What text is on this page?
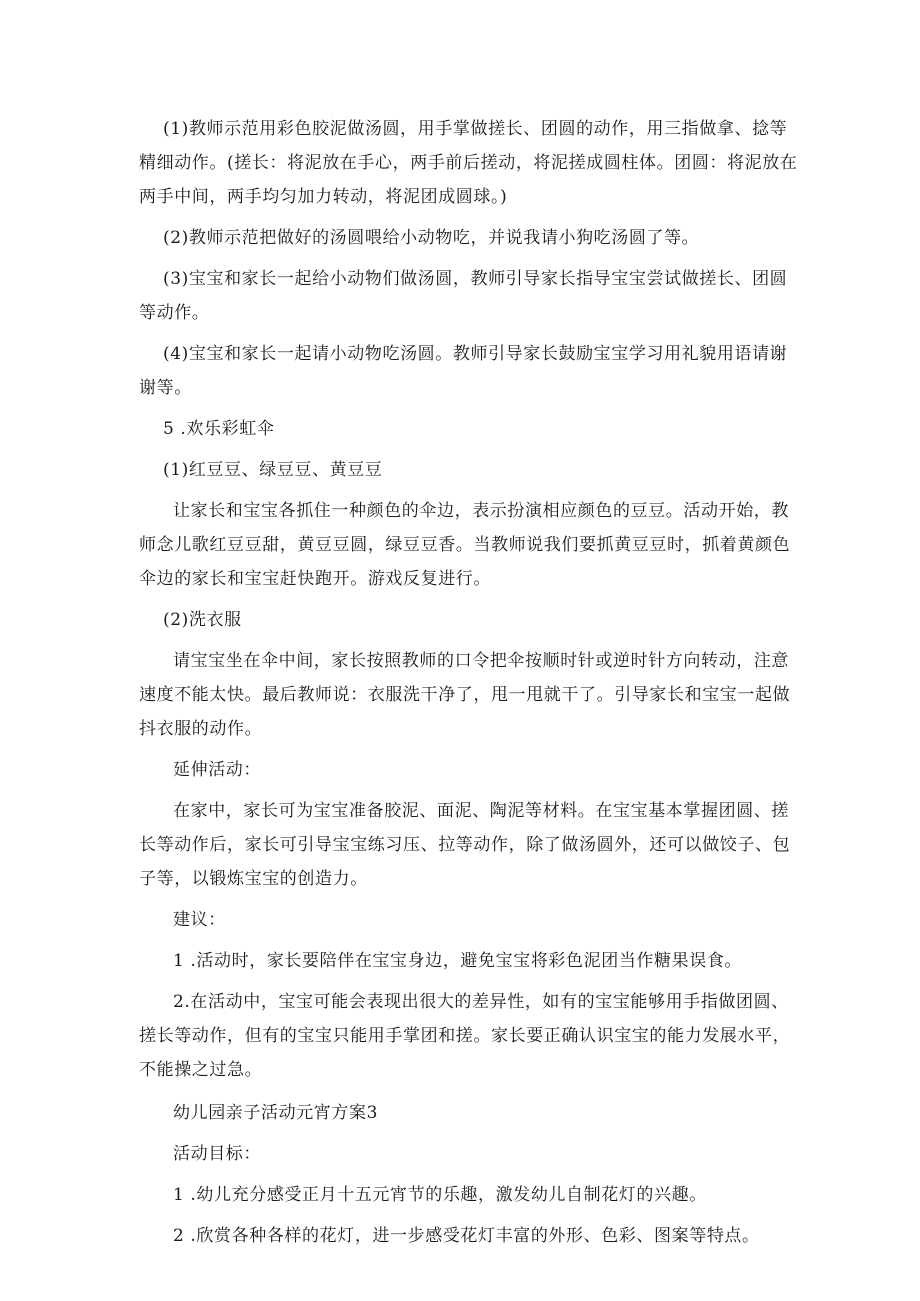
(1)教师示范用彩色胶泥做汤圆，用手掌做搓长、团圆的动作，用三指做拿、捻等精细动作。(搓长：将泥放在手心，两手前后搓动，将泥搓成圆柱体。团圆：将泥放在两手中间，两手均匀加力转动，将泥团成圆球。)

(2)教师示范把做好的汤圆喂给小动物吃，并说我请小狗吃汤圆了等。

(3)宝宝和家长一起给小动物们做汤圆，教师引导家长指导宝宝尝试做搓长、团圆等动作。

(4)宝宝和家长一起请小动物吃汤圆。教师引导家长鼓励宝宝学习用礼貌用语请谢谢等。

5 .欢乐彩虹伞

(1)红豆豆、绿豆豆、黄豆豆

让家长和宝宝各抓住一种颜色的伞边，表示扮演相应颜色的豆豆。活动开始，教师念儿歌红豆豆甜，黄豆豆圆，绿豆豆香。当教师说我们要抓黄豆豆时，抓着黄颜色伞边的家长和宝宝赶快跑开。游戏反复进行。

(2)洗衣服

请宝宝坐在伞中间，家长按照教师的口令把伞按顺时针或逆时针方向转动，注意速度不能太快。最后教师说：衣服洗干净了，甩一甩就干了。引导家长和宝宝一起做抖衣服的动作。

延伸活动：

在家中，家长可为宝宝准备胶泥、面泥、陶泥等材料。在宝宝基本掌握团圆、搓长等动作后，家长可引导宝宝练习压、拉等动作，除了做汤圆外，还可以做饺子、包子等，以锻炼宝宝的创造力。

建议：

1 .活动时，家长要陪伴在宝宝身边，避免宝宝将彩色泥团当作糖果误食。

2.在活动中，宝宝可能会表现出很大的差异性，如有的宝宝能够用手指做团圆、搓长等动作，但有的宝宝只能用手掌团和搓。家长要正确认识宝宝的能力发展水平，不能操之过急。

幼儿园亲子活动元宵方案3

活动目标：

1 .幼儿充分感受正月十五元宵节的乐趣，激发幼儿自制花灯的兴趣。

2 .欣赏各种各样的花灯，进一步感受花灯丰富的外形、色彩、图案等特点。
